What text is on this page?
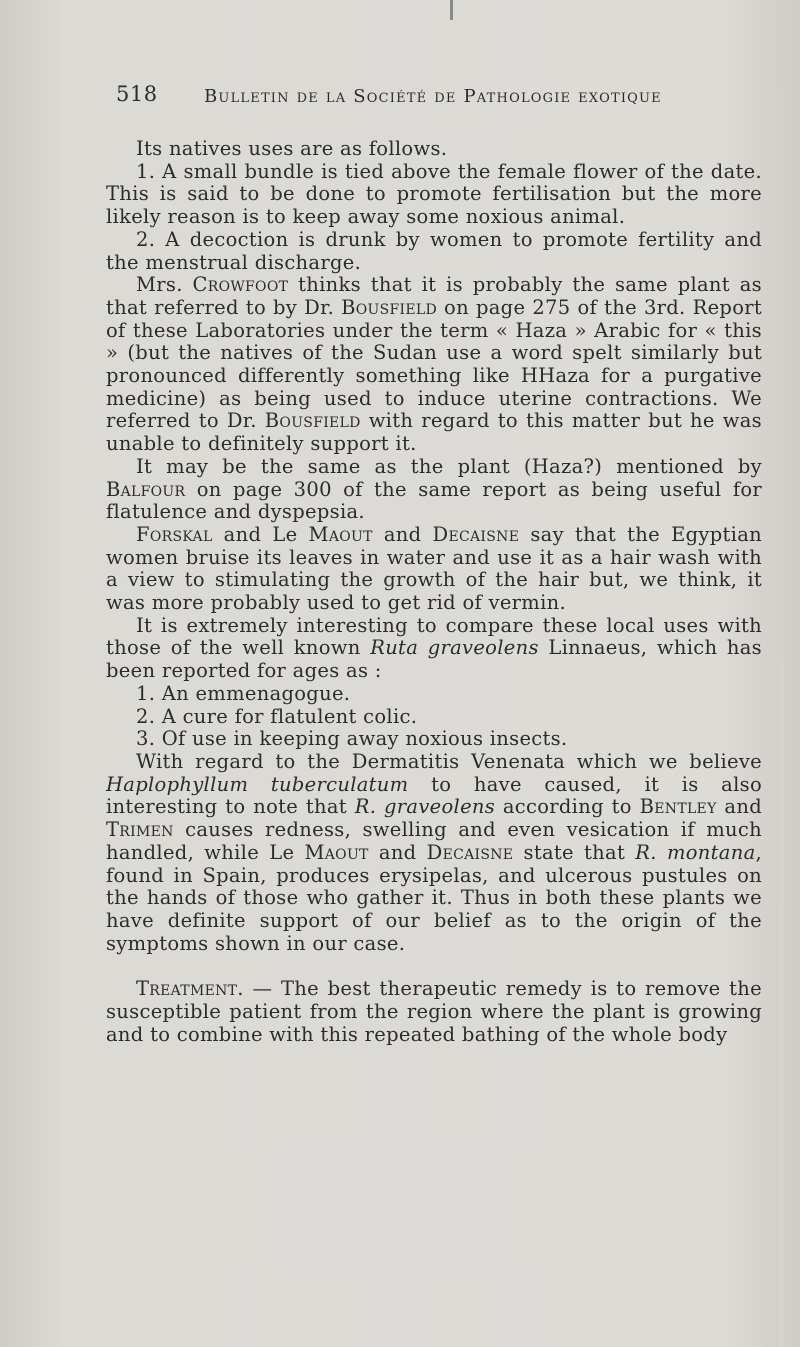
518	Bulletin de la Société de Pathologie exotique

Its natives uses are as follows.

1. A small bundle is tied above the female flower of the date. This is said to be done to promote fertilisation but the more likely reason is to keep away some noxious animal.

2. A decoction is drunk by women to promote fertility and the menstrual discharge.

Mrs. Crowfoot thinks that it is probably the same plant as that referred to by Dr. Bousfield on page 275 of the 3rd. Report of these Laboratories under the term « Haza » Arabic for « this » (but the natives of the Sudan use a word spelt similarly but pronounced differently something like HHaza for a purgative medicine) as being used to induce uterine contractions. We referred to Dr. Bousfield with regard to this matter but he was unable to definitely support it.

It may be the same as the plant (Haza?) mentioned by Balfour on page 300 of the same report as being useful for flatulence and dyspepsia.

Forskal and Le Maout and Decaisne say that the Egyptian women bruise its leaves in water and use it as a hair wash with a view to stimulating the growth of the hair but, we think, it was more probably used to get rid of vermin.

It is extremely interesting to compare these local uses with those of the well known Ruta graveolens Linnaeus, which has been reported for ages as :

1. An emmenagogue.

2. A cure for flatulent colic.

3. Of use in keeping away noxious insects.

With regard to the Dermatitis Venenata which we believe Haplophyllum tuberculatum to have caused, it is also interesting to note that R. graveolens according to Bentley and Trimen causes redness, swelling and even vesication if much handled, while Le Maout and Decaisne state that R. montana, found in Spain, produces erysipelas, and ulcerous pustules on the hands of those who gather it. Thus in both these plants we have definite support of our belief as to the origin of the symptoms shown in our case.

Treatment. — The best therapeutic remedy is to remove the susceptible patient from the region where the plant is growing and to combine with this repeated bathing of the whole body
